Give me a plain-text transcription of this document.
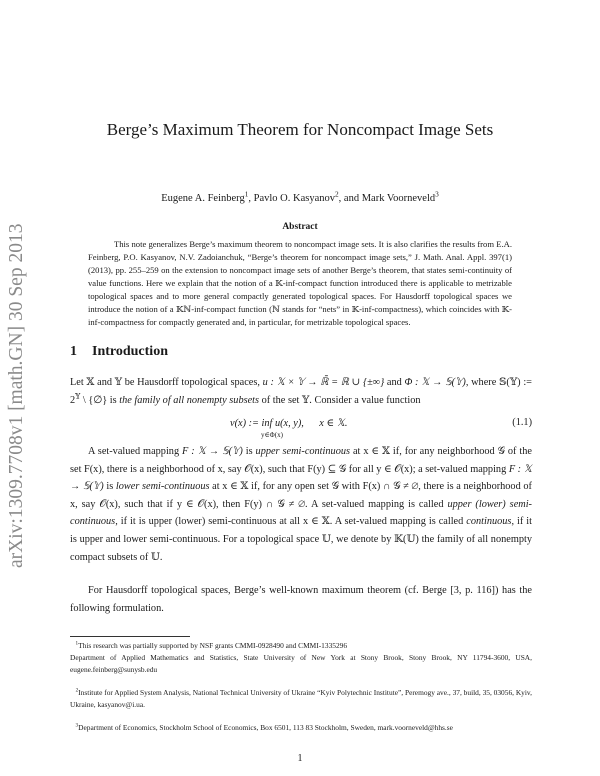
arXiv:1309.7708v1 [math.GN] 30 Sep 2013
Berge’s Maximum Theorem for Noncompact Image Sets
Eugene A. Feinberg$^1$, Pavlo O. Kasyanov$^2$, and Mark Voorneveld$^3$
Abstract

This note generalizes Berge’s maximum theorem to noncompact image sets. It is also clarifies the results from E.A. Feinberg, P.O. Kasyanov, N.V. Zadoianchuk, “Berge’s theorem for noncompact image sets,” J. Math. Anal. Appl. 397(1)(2013), pp. 255–259 on the extension to noncompact image sets of another Berge’s theorem, that states semi-continuity of value functions. Here we explain that the notion of a 𝕂-inf-compact function introduced there is applicable to metrizable topological spaces and to more general compactly generated topological spaces. For Hausdorff topological spaces we introduce the notion of a 𝕂ℕ-inf-compact function (ℕ stands for “nets” in 𝕂-inf-compactness), which coincides with 𝕂-inf-compactness for compactly generated and, in particular, for metrizable topological spaces.

1 Introduction

Let 𝕏 and 𝕐 be Hausdorff topological spaces, u : 𝕏 × 𝕐 → ℝ̄ = ℝ ∪ {±∞} and Φ : 𝕏 → 𝕊(𝕐), where 𝕊(𝕐) := $2^𝕐$ \ {∅} is the family of all nonempty subsets of the set 𝕐. Consider a value function

v(x) := inf u(x, y), x ∈ 𝕏.
y∈Φ(x)
(1.1)

A set-valued mapping F : 𝕏 → 𝕊(𝕐) is upper semi-continuous at x ∈ 𝕏 if, for any neighborhood 𝒢 of the set F(x), there is a neighborhood of x, say 𝒪(x), such that F(y) ⊆ 𝒢 for all y ∈ 𝒪(x); a set-valued mapping F : 𝕏 → 𝕊(𝕐) is lower semi-continuous at x ∈ 𝕏 if, for any open set 𝒢 with F(x) ∩ 𝒢 ≠ ∅, there is a neighborhood of x, say 𝒪(x), such that if y ∈ 𝒪(x), then F(y) ∩ 𝒢 ≠ ∅. A set-valued mapping is called upper (lower) semi-continuous, if it is upper (lower) semi-continuous at all x ∈ 𝕏. A set-valued mapping is called continuous, if it is upper and lower semi-continuous. For a topological space 𝕌, we denote by 𝕂(𝕌) the family of all nonempty compact subsets of 𝕌.

For Hausdorff topological spaces, Berge’s well-known maximum theorem (cf. Berge [3, p. 116]) has the following formulation.

$^1$This research was partially supported by NSF grants CMMI-0928490 and CMMI-1335296

Department of Applied Mathematics and Statistics, State University of New York at Stony Brook, Stony Brook, NY 11794-3600, USA, eugene.feinberg@sunysb.edu

$^2$Institute for Applied System Analysis, National Technical University of Ukraine “Kyiv Polytechnic Institute”, Peremogy ave., 37, build, 35, 03056, Kyiv, Ukraine, kasyanov@i.ua.

$^3$Department of Economics, Stockholm School of Economics, Box 6501, 113 83 Stockholm, Sweden, mark.voorneveld@hhs.se

1
